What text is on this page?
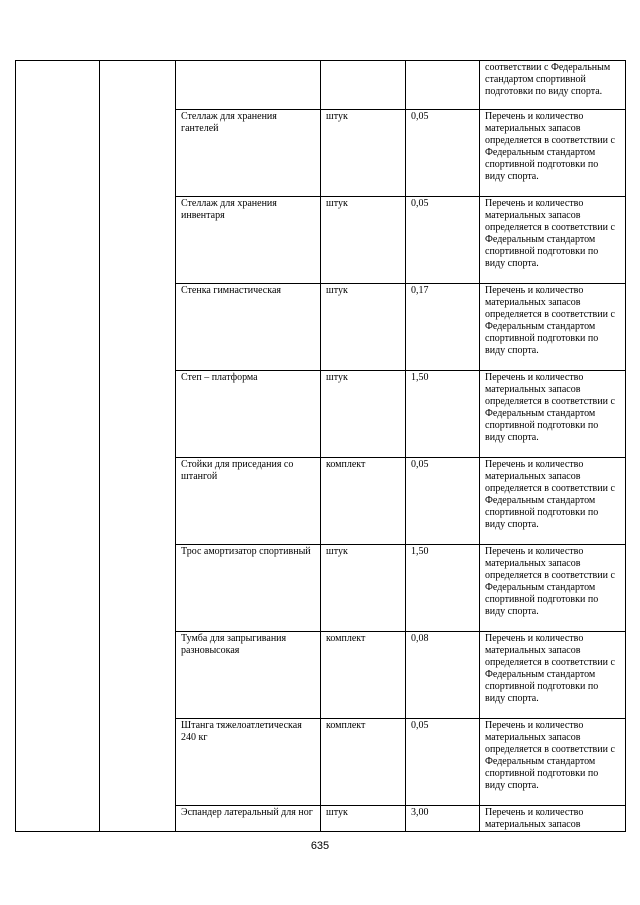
					соответствии с Федеральным стандартом спортивной подготовки по виду спорта.
		Стеллаж для хранения гантелей	штук	0,05	Перечень и количество материальных запасов определяется в соответствии с Федеральным стандартом спортивной подготовки по виду спорта.
		Стеллаж для хранения инвентаря	штук	0,05	Перечень и количество материальных запасов определяется в соответствии с Федеральным стандартом спортивной подготовки по виду спорта.
		Стенка гимнастическая	штук	0,17	Перечень и количество материальных запасов определяется в соответствии с Федеральным стандартом спортивной подготовки по виду спорта.
		Степ – платформа	штук	1,50	Перечень и количество материальных запасов определяется в соответствии с Федеральным стандартом спортивной подготовки по виду спорта.
		Стойки для приседания со штангой	комплект	0,05	Перечень и количество материальных запасов определяется в соответствии с Федеральным стандартом спортивной подготовки по виду спорта.
		Трос амортизатор спортивный	штук	1,50	Перечень и количество материальных запасов определяется в соответствии с Федеральным стандартом спортивной подготовки по виду спорта.
		Тумба для запрыгивания разновысокая	комплект	0,08	Перечень и количество материальных запасов определяется в соответствии с Федеральным стандартом спортивной подготовки по виду спорта.
		Штанга тяжелоатлетическая 240 кг	комплект	0,05	Перечень и количество материальных запасов определяется в соответствии с Федеральным стандартом спортивной подготовки по виду спорта.
		Эспандер латеральный для ног	штук	3,00	Перечень и количество материальных запасов
635
